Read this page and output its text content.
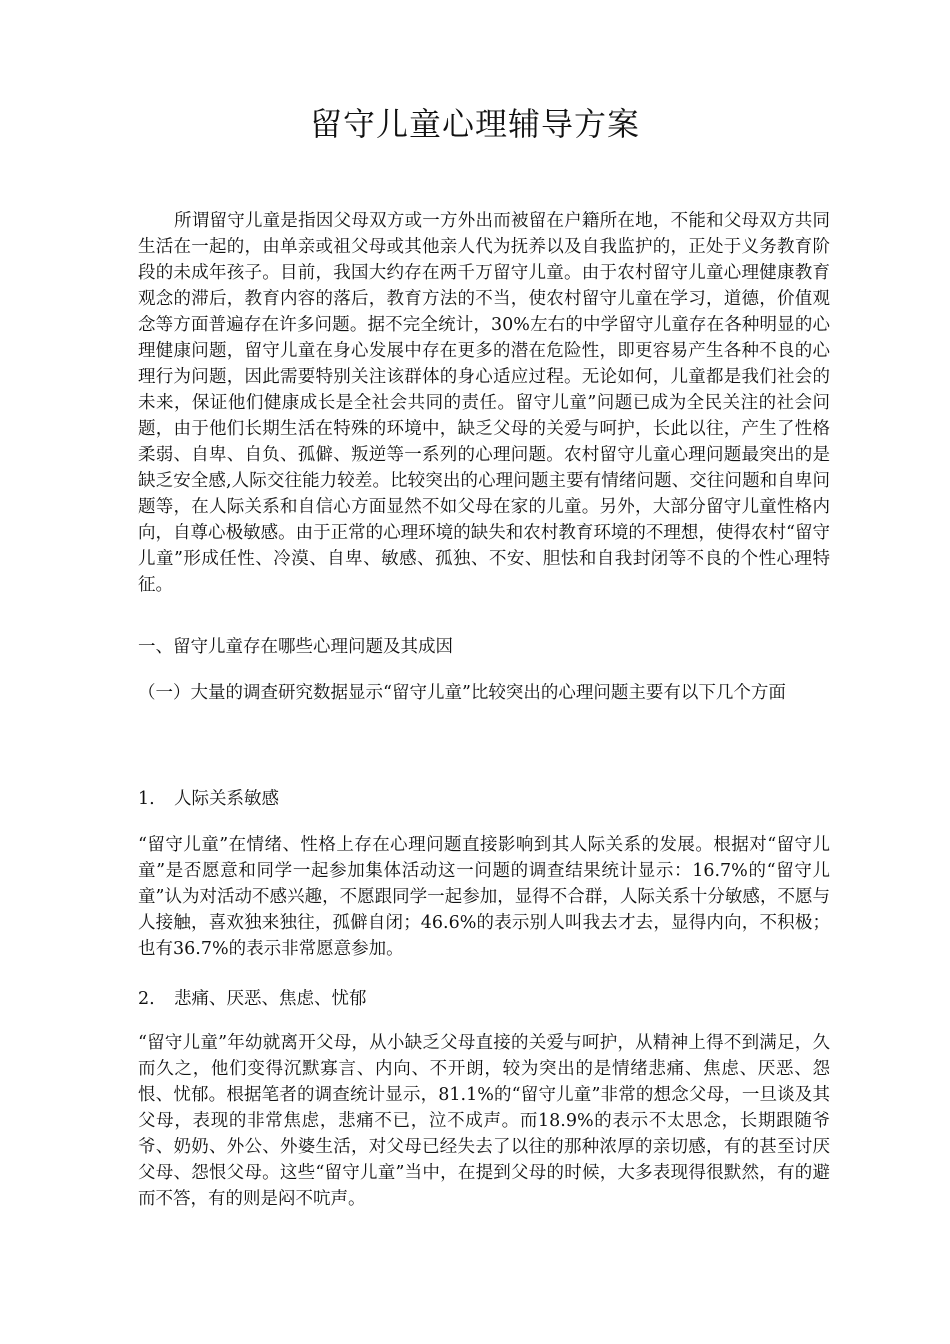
留守儿童心理辅导方案

所谓留守儿童是指因父母双方或一方外出而被留在户籍所在地，不能和父母双方共同生活在一起的，由单亲或祖父母或其他亲人代为抚养以及自我监护的，正处于义务教育阶段的未成年孩子。目前，我国大约存在两千万留守儿童。由于农村留守儿童心理健康教育观念的滞后，教育内容的落后，教育方法的不当，使农村留守儿童在学习，道德，价值观念等方面普遍存在许多问题。据不完全统计，30%左右的中学留守儿童存在各种明显的心理健康问题，留守儿童在身心发展中存在更多的潜在危险性，即更容易产生各种不良的心理行为问题，因此需要特别关注该群体的身心适应过程。无论如何，儿童都是我们社会的未来，保证他们健康成长是全社会共同的责任。留守儿童”问题已成为全民关注的社会问题，由于他们长期生活在特殊的环境中，缺乏父母的关爱与呵护，长此以往，产生了性格柔弱、自卑、自负、孤僻、叛逆等一系列的心理问题。农村留守儿童心理问题最突出的是缺乏安全感,人际交往能力较差。比较突出的心理问题主要有情绪问题、交往问题和自卑问题等，在人际关系和自信心方面显然不如父母在家的儿童。另外，大部分留守儿童性格内向，自尊心极敏感。由于正常的心理环境的缺失和农村教育环境的不理想，使得农村“留守儿童”形成任性、冷漠、自卑、敏感、孤独、不安、胆怯和自我封闭等不良的个性心理特征。

一、留守儿童存在哪些心理问题及其成因

（一）大量的调查研究数据显示“留守儿童”比较突出的心理问题主要有以下几个方面

1. 人际关系敏感

“留守儿童”在情绪、性格上存在心理问题直接影响到其人际关系的发展。根据对“留守儿童”是否愿意和同学一起参加集体活动这一问题的调查结果统计显示：16.7%的“留守儿童”认为对活动不感兴趣，不愿跟同学一起参加，显得不合群，人际关系十分敏感，不愿与人接触，喜欢独来独往，孤僻自闭；46.6%的表示别人叫我去才去，显得内向，不积极；也有36.7%的表示非常愿意参加。

2. 悲痛、厌恶、焦虑、忧郁

“留守儿童”年幼就离开父母，从小缺乏父母直接的关爱与呵护，从精神上得不到满足，久而久之，他们变得沉默寡言、内向、不开朗，较为突出的是情绪悲痛、焦虑、厌恶、怨恨、忧郁。根据笔者的调查统计显示，81.1%的“留守儿童”非常的想念父母，一旦谈及其父母，表现的非常焦虑，悲痛不已，泣不成声。而18.9%的表示不太思念，长期跟随爷爷、奶奶、外公、外婆生活，对父母已经失去了以往的那种浓厚的亲切感，有的甚至讨厌父母、怨恨父母。这些“留守儿童”当中，在提到父母的时候，大多表现得很默然，有的避而不答，有的则是闷不吭声。
